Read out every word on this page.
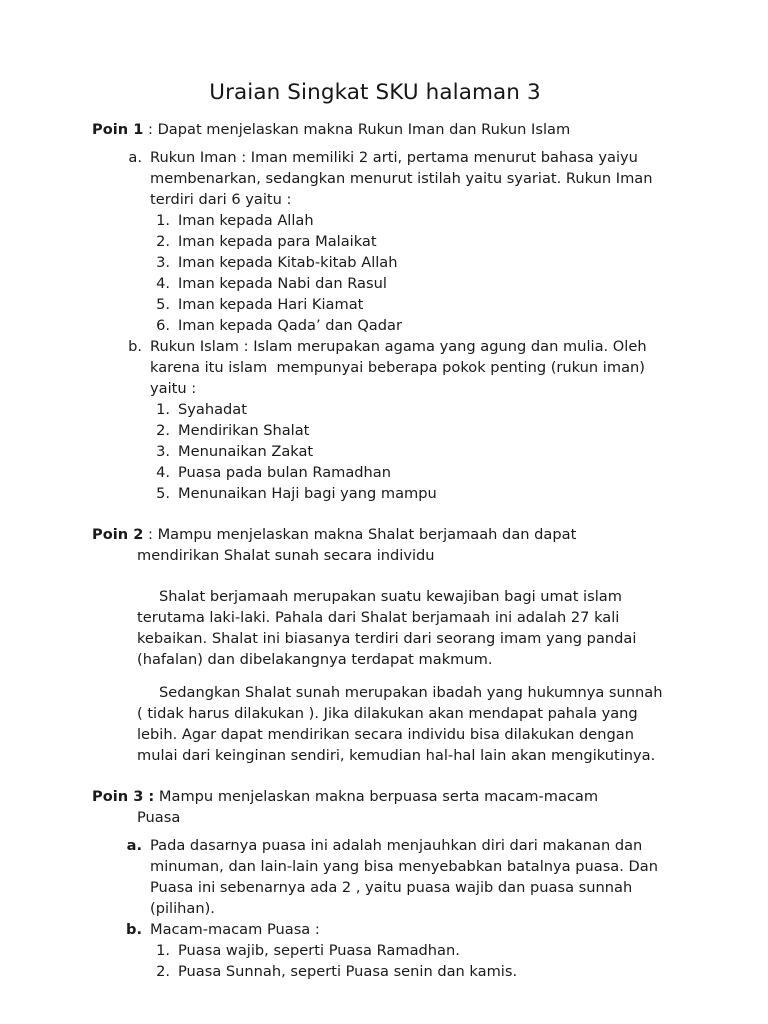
Uraian Singkat SKU halaman 3

Poin 1 : Dapat menjelaskan makna Rukun Iman dan Rukun Islam

a. Rukun Iman : Iman memiliki 2 arti, pertama menurut bahasa yaiyu membenarkan, sedangkan menurut istilah yaitu syariat. Rukun Iman terdiri dari 6 yaitu :

1. Iman kepada Allah

2. Iman kepada para Malaikat

3. Iman kepada Kitab-kitab Allah

4. Iman kepada Nabi dan Rasul

5. Iman kepada Hari Kiamat

6. Iman kepada Qada’ dan Qadar

b. Rukun Islam : Islam merupakan agama yang agung dan mulia. Oleh karena itu islam  mempunyai beberapa pokok penting (rukun iman) yaitu :

1. Syahadat

2. Mendirikan Shalat

3. Menunaikan Zakat

4. Puasa pada bulan Ramadhan

5. Menunaikan Haji bagi yang mampu

Poin 2 : Mampu menjelaskan makna Shalat berjamaah dan dapat
mendirikan Shalat sunah secara individu

Shalat berjamaah merupakan suatu kewajiban bagi umat islam terutama laki-laki. Pahala dari Shalat berjamaah ini adalah 27 kali kebaikan. Shalat ini biasanya terdiri dari seorang imam yang pandai (hafalan) dan dibelakangnya terdapat makmum.

Sedangkan Shalat sunah merupakan ibadah yang hukumnya sunnah ( tidak harus dilakukan ). Jika dilakukan akan mendapat pahala yang lebih. Agar dapat mendirikan secara individu bisa dilakukan dengan mulai dari keinginan sendiri, kemudian hal-hal lain akan mengikutinya.

Poin 3 : Mampu menjelaskan makna berpuasa serta macam-macam
Puasa

a. Pada dasarnya puasa ini adalah menjauhkan diri dari makanan dan minuman, dan lain-lain yang bisa menyebabkan batalnya puasa. Dan Puasa ini sebenarnya ada 2 , yaitu puasa wajib dan puasa sunnah (pilihan).

b. Macam-macam Puasa :

1. Puasa wajib, seperti Puasa Ramadhan.

2. Puasa Sunnah, seperti Puasa senin dan kamis.
